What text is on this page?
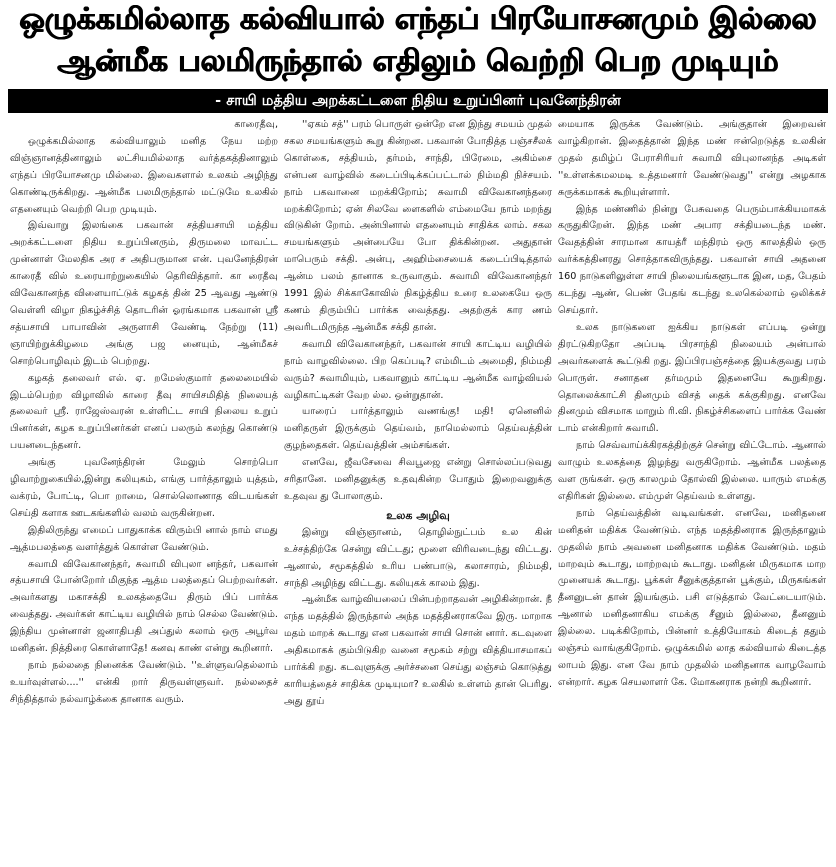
ஒழுக்கமில்லாத கல்வியால் எந்தப் பிரயோசனமும் இல்லை
ஆன்மீக பலமிருந்தால் எதிலும் வெற்றி பெற முடியும்
- சாயி மத்திய அறக்கட்டளை நிதிய உறுப்பினர் புவனேந்திரன்

காரைதீவு,

ஒழுக்கமில்லாத கல்வியாலும் மனித நேய மற்ற விஞ்ஞானத்தினாலும் லட்சியமில்லாத வர்த்தகத்தினாலும் எந்தப் பிரயோசனமு மில்லை. இவைகளால் உலகம் அழிந்து கொண்டிருக்கிறது. ஆன்மீக பலமிருந்தால் மட்டுமே உலகில் எதனையும் வெற்றி பெற முடியும்.

இவ்வாறு இலங்கை பகவான் சத்தியசாயி மத்திய அறக்கட்டளை நிதிய உறுப்பினரும், திருமலை மாவட்ட முன்னாள் மேலதிக அர ச அதிபருமான என். புவனேந்திரன் காரைதீ வில் உரையாற்றுகையில் தெரிவித்தார். கா ரைதீவு விவேகானந்த விளையாட்டுக் கழகத் தின் 25 ஆவது ஆண்டு வெள்ளி விழா நிகழ்ச்சித் தொடரின் ஓரங்கமாக பகவான் ஸ்ரீ சத்யசாயி பாபாவின் அருளாசி வேண்டி நேற்று (11) ஞாயிற்றுக்கிழமை அங்கு பஜ னையும், ஆன்மீகச் சொற்பொழிவும் இடம் பெற்றது.

கழகத் தலைவர் எல். ஏ. றமேஸ்குமார் தலைமையில் இடம்பெற்ற விழாவில் காரை தீவு சாயிசமிதித் நிலையத் தலைவர் ஸ்ரீ. ராஜேஸ்வரன் உள்ளிட்ட சாயி நிலைய உறுப் பினர்கள், கழக உறுப்பினர்கள் எனப் பலரும் கலந்து கொண்டு பயனடைந்தனர்.

அங்கு புவனேந்திரன் மேலும் சொற்பொ ழிவாற்றுகையில்,இன்று கலியுகம், எங்கு பார்த்தாலும் யுத்தம், வக்ரம், போட்டி, பொ றாமை, சொல்லொணாத விடயங்கள் செய்தி களாக ஊடகங்களில் வலம் வருகின்றன.

இதிலிருந்து எமைப் பாதுகாக்க விரும்பி னால் நாம் எமது ஆத்மபலத்தை வளர்த்துக் கொள்ள வேண்டும்.

சுவாமி விவேகானந்தர், சுவாமி விபுலா னந்தர், பகவான் சத்யசாயி போன்றோர் மிகுந்த ஆத்ம பலத்தைப் பெற்றவர்கள். அவர்களது மகாசக்தி உலகத்தையே திரும் பிப் பார்க்க வைத்தது. அவர்கள் காட்டிய வழியில் நாம் செல்ல வேண்டும். இந்திய முன்னாள் ஜனாதிபதி அப்துல் கலாம் ஒரு அபூர்வ மனிதன். நித்திரை கொள்ளாதே! கனவு காண் என்று கூறினார்.

நாம் நல்லதை நினைக்க வேண்டும். ''உள்ளுவதெல்லாம் உயர்வுள்ளல்....'' என்கி றார் திருவள்ளுவர். நல்லதைச் சிந்தித்தால் நல்வாழ்க்கை தானாக வரும்.

''ஏகம் சத்'' பரம் பொருள் ஒன்றே என இந்து சமயம் முதல் சகல சமயங்களும் கூறு கின்றன. பகவான் போதித்த பஞ்சசீலக் கொள்கை, சத்தியம், தர்மம், சாந்தி, பிரேமை, அகிம்சை என்பன வாழ்வில் கடைப்பிடிக்கப்பட்டால் நிம்மதி நிச்சயம். நாம் பகவானை மறக்கிறோம்; சுவாமி விவேகானந்தரை மறக்கிறோம்; ஏன் சிலவே ளைகளில் எம்மையே நாம் மறந்து விடுகின் றோம். அன்பினால் எதனையும் சாதிக்க லாம். சகல சமயங்களும் அன்பையே போ திக்கின்றன. அதுதான் மாபெரும் சக்தி. அன்பு, அஹிம்சையைக் கடைப்பிடித்தால் ஆன்ம பலம் தானாக உருவாகும். சுவாமி விவேகானந்தர் 1991 இல் சிக்காகோவில் நிகழ்த்திய உரை உலகையே ஒரு கணம் திரும்பிப் பார்க்க வைத்தது. அதற்குக் கார ணம் அவரிடமிருந்த ஆன்மீக சக்தி தான்.

சுவாமி விவேகானந்தர், பகவான் சாயி காட்டிய வழியில் நாம் வாழவில்லை. பிற கெப்படி? எம்மிடம் அமைதி, நிம்மதி வரும்? சுவாமியும், பகவானும் காட்டிய ஆன்மீக வாழ்வியல் வழிகாட்டிகள் வேற ல்ல. ஒன்றுதான்.

யாரைப் பார்த்தாலும் வணங்கு! மதி! ஏனெனில் மனிதருள் இருக்கும் தெய்வம், நாமெல்லாம் தெய்வத்தின் குழந்தைகள். தெய்வத்தின் அம்சங்கள்.

எனவே, ஜீவசேவை சிவபூஜை என்று சொல்லப்படுவது சரிதானே. மனிதனுக்கு உதவுகின்ற போதும் இறைவனுக்கு உதவுவ து போலாகும்.

உலக அழிவு

இன்று விஞ்ஞானம், தொழில்நுட்பம் உல கின் உச்சத்திற்கே சென்று விட்டது; மூளை விரிவடைந்து விட்டது. ஆனால், சமூகத்தில் உரிய பண்பாடு, கலாசாரம், நிம்மதி, சாந்தி அழிந்து விட்டது. கலியுகக் காலம் இது.

ஆன்மீக வாழ்வியலைப் பின்பற்றாதவன் அழிகின்றான். நீ எந்த மதத்தில் இருந்தால் அந்த மதத்தினராகவே இரு. மாறாக மதம் மாறக் கூடாது என பகவான் சாயி சொன் னார். கடவுளை அதிகமாகக் கும்பிடுகிற வனை சமூகம் சற்று வித்தியாசமாகப் பார்க்கி றது. கடவுளுக்கு அர்ச்சனை செய்து லஞ்சம் கொடுத்து காரியத்தைச் சாதிக்க முடியுமா? உலகில் உள்ளம் தான் பெரிது. அது தூய்

மையாக இருக்க வேண்டும். அங்குதான் இறைவன் வாழ்கிறான். இதைத்தான் இந்த மண் ஈன்றெடுத்த உலகின் முதல் தமிழ்ப் பேராசிரியர் சுவாமி விபுலானந்த அடிகள் ''உள்ளக்கமலமடி உத்தமனார் வேண்டுவது'' என்று அழகாக சுருக்கமாகக் கூறியுள்ளார்.

இந்த மண்ணில் நின்று பேசுவதை பெரும்பாக்கியமாகக் கருதுகிறேன். இந்த மண் அபார சக்தியடைந்த மண். வேதத்தின் சாரமான காயத்ரீ மந்திரம் ஒரு காலத்தில் ஒரு வர்க்கத்தினரது சொத்தாகவிருந்தது. பகவான் சாயி அதனை 160 நாடுகளிலுள்ள சாயி நிலையங்களூடாக இன, மத, பேதம் கடந்து ஆண், பெண் பேதங் கடந்து உலகெல்லாம் ஒலிக்கச் செய்தார்.

உலக நாடுகளை ஐக்கிய நாடுகள் எப்படி ஒன்று திரட்டுகிறதோ அப்படி பிரசாந்தி நிலையம் அன்பால் அவர்களைக் கூட்டுகி றது. இப்பிரபஞ்சத்தை இயக்குவது பரம் பொருள். சனாதன தர்மமும் இதனையே கூறுகிறது. தொலைக்காட்சி தினமும் விசத் தைக் கக்குகிறது. எனவே தினமும் விசமாக மாறும் ரி.வி. நிகழ்ச்சிகளைப் பார்க்க வேண் டாம் என்கிறார் சுவாமி.

நாம் செவ்வாய்க்கிரகத்திற்குச் சென்று விட்டோம். ஆனால் வாழும் உலகத்தை இழந்து வருகிறோம். ஆன்மீக பலத்தை வள ருங்கள். ஒரு காலமும் தோல்வி இல்லை. யாரும் எமக்கு எதிரிகள் இல்லை. எம்முள் தெய்வம் உள்ளது.

நாம் தெய்வத்தின் வடிவங்கள். எனவே, மனிதனை மனிதன் மதிக்க வேண்டும். எந்த மதத்தினராக இருந்தாலும் முதலில் நாம் அவனை மனிதனாக மதிக்க வேண்டும். மதம் மாறவும் கூடாது, மாற்றவும் கூடாது. மனிதன் மிருகமாக மாற முனையக் கூடாது. பூக்கள் சீனுக்குத்தான் பூக்கும், மிருகங்கள் தீனனுடன் தான் இயங்கும். பசி எடுத்தால் வேட்டையாடும். ஆனால் மனிதனாகிய எமக்கு சீனும் இல்லை, தீனனும் இல்லை. படிக்கிறோம், பின்னர் உத்தியோகம் கிடைத் ததும் லஞ்சம் வாங்குகிறோம். ஒழுக்கமில் லாத கல்வியால் கிடைத்த லாபம் இது. என வே நாம் முதலில் மனிதனாக வாழவோம் என்றார். கழக செயலாளர் கே. மோகனராக நன்றி கூறினார்.
